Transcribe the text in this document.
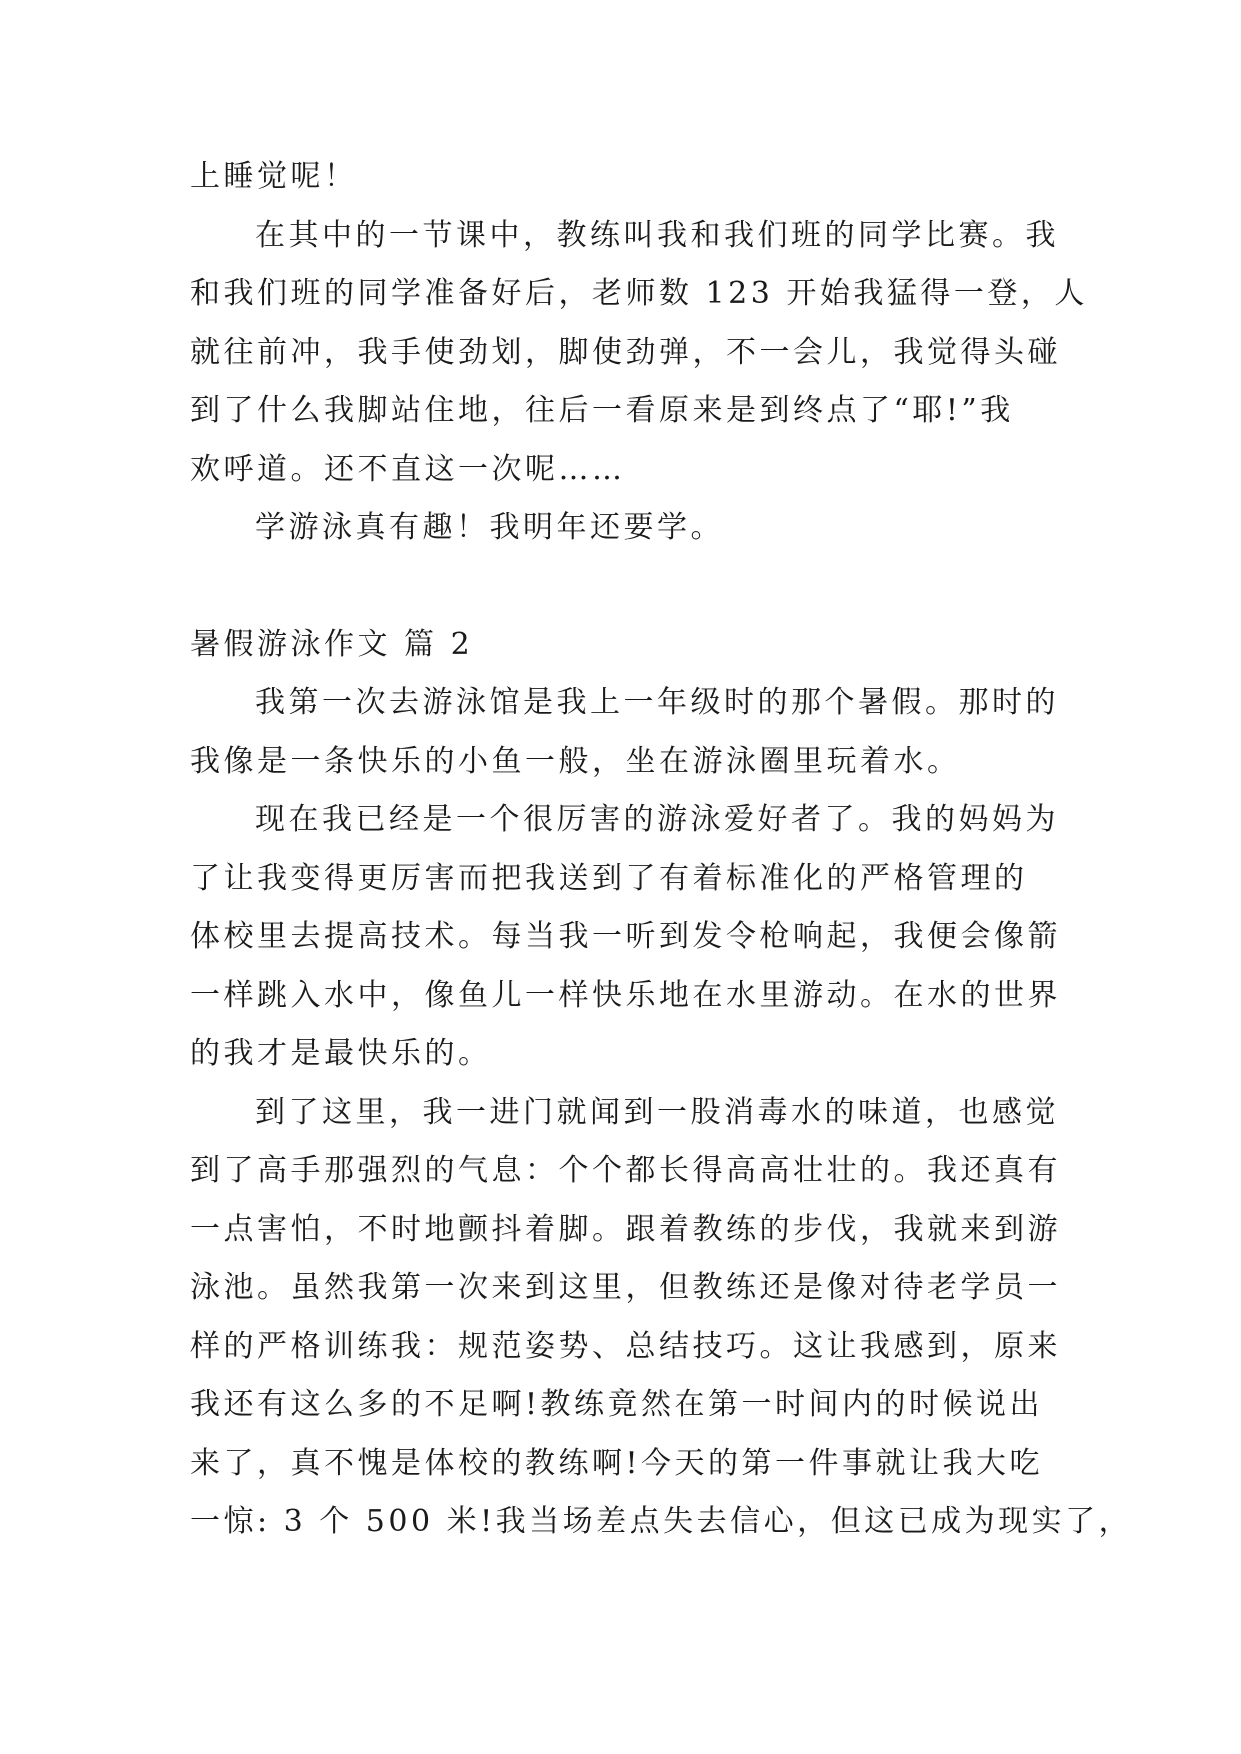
上睡觉呢！
在其中的一节课中，教练叫我和我们班的同学比赛。我
和我们班的同学准备好后，老师数 123 开始我猛得一登，人
就往前冲，我手使劲划，脚使劲弹，不一会儿，我觉得头碰
到了什么我脚站住地，往后一看原来是到终点了“耶!”我
欢呼道。还不直这一次呢……
学游泳真有趣！我明年还要学。
暑假游泳作文 篇 2
我第一次去游泳馆是我上一年级时的那个暑假。那时的
我像是一条快乐的小鱼一般，坐在游泳圈里玩着水。
现在我已经是一个很厉害的游泳爱好者了。我的妈妈为
了让我变得更厉害而把我送到了有着标准化的严格管理的
体校里去提高技术。每当我一听到发令枪响起，我便会像箭
一样跳入水中，像鱼儿一样快乐地在水里游动。在水的世界
的我才是最快乐的。
到了这里，我一进门就闻到一股消毒水的味道，也感觉
到了高手那强烈的气息：个个都长得高高壮壮的。我还真有
一点害怕，不时地颤抖着脚。跟着教练的步伐，我就来到游
泳池。虽然我第一次来到这里，但教练还是像对待老学员一
样的严格训练我：规范姿势、总结技巧。这让我感到，原来
我还有这么多的不足啊!教练竟然在第一时间内的时候说出
来了，真不愧是体校的教练啊!今天的第一件事就让我大吃
一惊: 3 个 500 米!我当场差点失去信心，但这已成为现实了，
